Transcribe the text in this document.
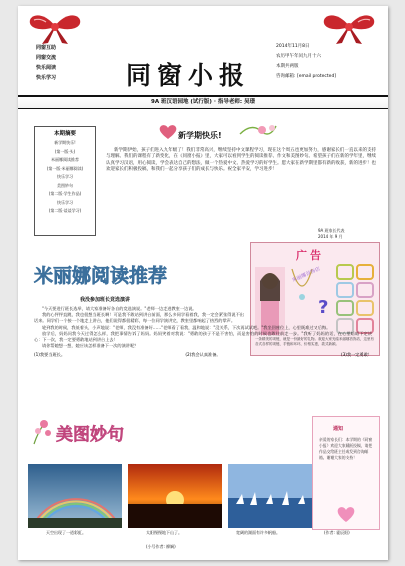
同窗互助
同窗交流
快乐阅读
快乐学习	同窗小报
2014年11月8日
农历甲午年闰九月十六
本期共两版
咨询邮箱: [email protected]
9A 班汉语园地 (试行版) · 指导老师: 吴璟
本期摘要
新学期快乐!
(第一版·头)
米丽娜阅读推荐
(第一版·米丽娜阅读)
快乐学习
美图妙句
(第二版·学生作品)
快乐学习
(第二版·谈谈学习)
新学期快乐!

新学期伊始，孩子们进入九年级了！我们非常高兴，继续坚持中文课程学习，现在这个周五也更加努力，感谢家长们一直以来的支持与理解。我们的课程有了新变化，在《同窗小报》里，大家可以看到学生的阅读推荐、作文和美图妙句。希望孩子们在新的学年里，继续认真学习汉语，用心阅读，学会表达自己的想法，做一个热爱中文、热爱学习的好学生。愿大家在新学期里都有新的收获，新的进步！也欢迎家长们积极投稿，和我们一起分享孩子们的成长与快乐。祝全家平安，学习进步！

9A 班家长代表
2014 年 9 月
米丽娜阅读推荐
广告
?
米丽娜首饰店
一条精美的项链，就是一份最好的礼物。欢迎大家光临米丽娜首饰店，这里有各式各样的项链、手链和耳环，价格实惠，款式新颖。
我没参加班长竞选演讲

"今天要进行班长选举，请大家准备好各自的竞选演说。"老师一边走进教室一边说。

我的心怦怦直跳，我也很想当班长啊！可是我不敢站到讲台前面，那么多同学看着我，我一定会紧张得说不出话来。同学们一个接一个地走上讲台，他们说得都很精彩，每一位同学演讲完，教室里都响起了热烈的掌声。

轮到我的时候，我低着头，小声地说："老师，我没有准备好……"老师看了看我，温和地说："没关系，下次再试试吧。"我坐回座位上，心里既难过又后悔。

放学后，妈妈问我今天过得怎么样，我把事情告诉了妈妈。妈妈笑着对我说："勇敢的孩子不是不害怕，而是害怕的时候也敢往前走一步。"我听了妈妈的话，在心里暗暗下定决心：下一次，我一定要勇敢地站到讲台上去！

请你帮她想一想，她应该怎样准备下一次的演讲呢？

(1)我要当班长。	(2)我会认真准备。	(3)我一定勇敢！
美图妙句
天空出现了一道彩虹。	太阳慢慢地下山了。	宽阔的湖面有许多帆船。
(小号作者: 柳娴)
通知
亲爱的家长们：本学期的《同窗小报》欢迎大家踊跃投稿，请把作品交给班主任或发到咨询邮箱。谢谢大家的支持！
(作者: 霍辰阳)
